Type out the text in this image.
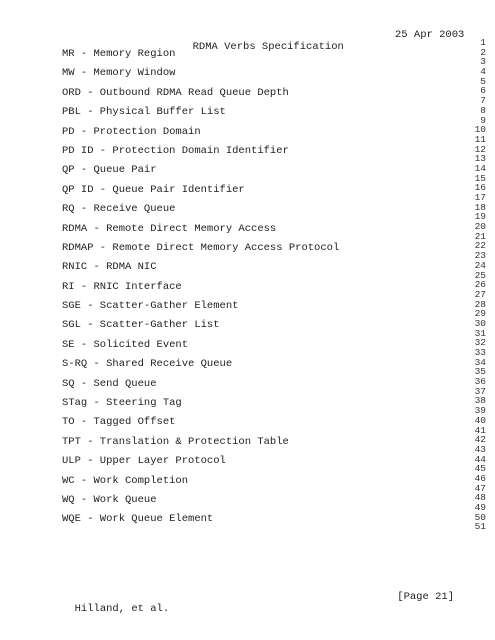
RDMA Verbs Specification

25 Apr 2003

1
2
3
4
5
6
7
8
9
10
11
12
13
14
15
16
17
18
19
20
21
22
23
24
25
26
27
28
29
30
31
32
33
34
35
36
37
38
39
40
41
42
43
44
45
46
47
48
49
50
51
MR - Memory Region
MW - Memory Window
ORD - Outbound RDMA Read Queue Depth
PBL - Physical Buffer List
PD - Protection Domain
PD ID - Protection Domain Identifier
QP - Queue Pair
QP ID - Queue Pair Identifier
RQ - Receive Queue
RDMA - Remote Direct Memory Access
RDMAP - Remote Direct Memory Access Protocol
RNIC - RDMA NIC
RI - RNIC Interface
SGE - Scatter-Gather Element
SGL - Scatter-Gather List
SE - Solicited Event
S-RQ - Shared Receive Queue
SQ - Send Queue
STag - Steering Tag
TO - Tagged Offset
TPT - Translation & Protection Table
ULP - Upper Layer Protocol
WC - Work Completion
WQ - Work Queue
WQE - Work Queue Element

Hilland, et al.

[Page 21]
